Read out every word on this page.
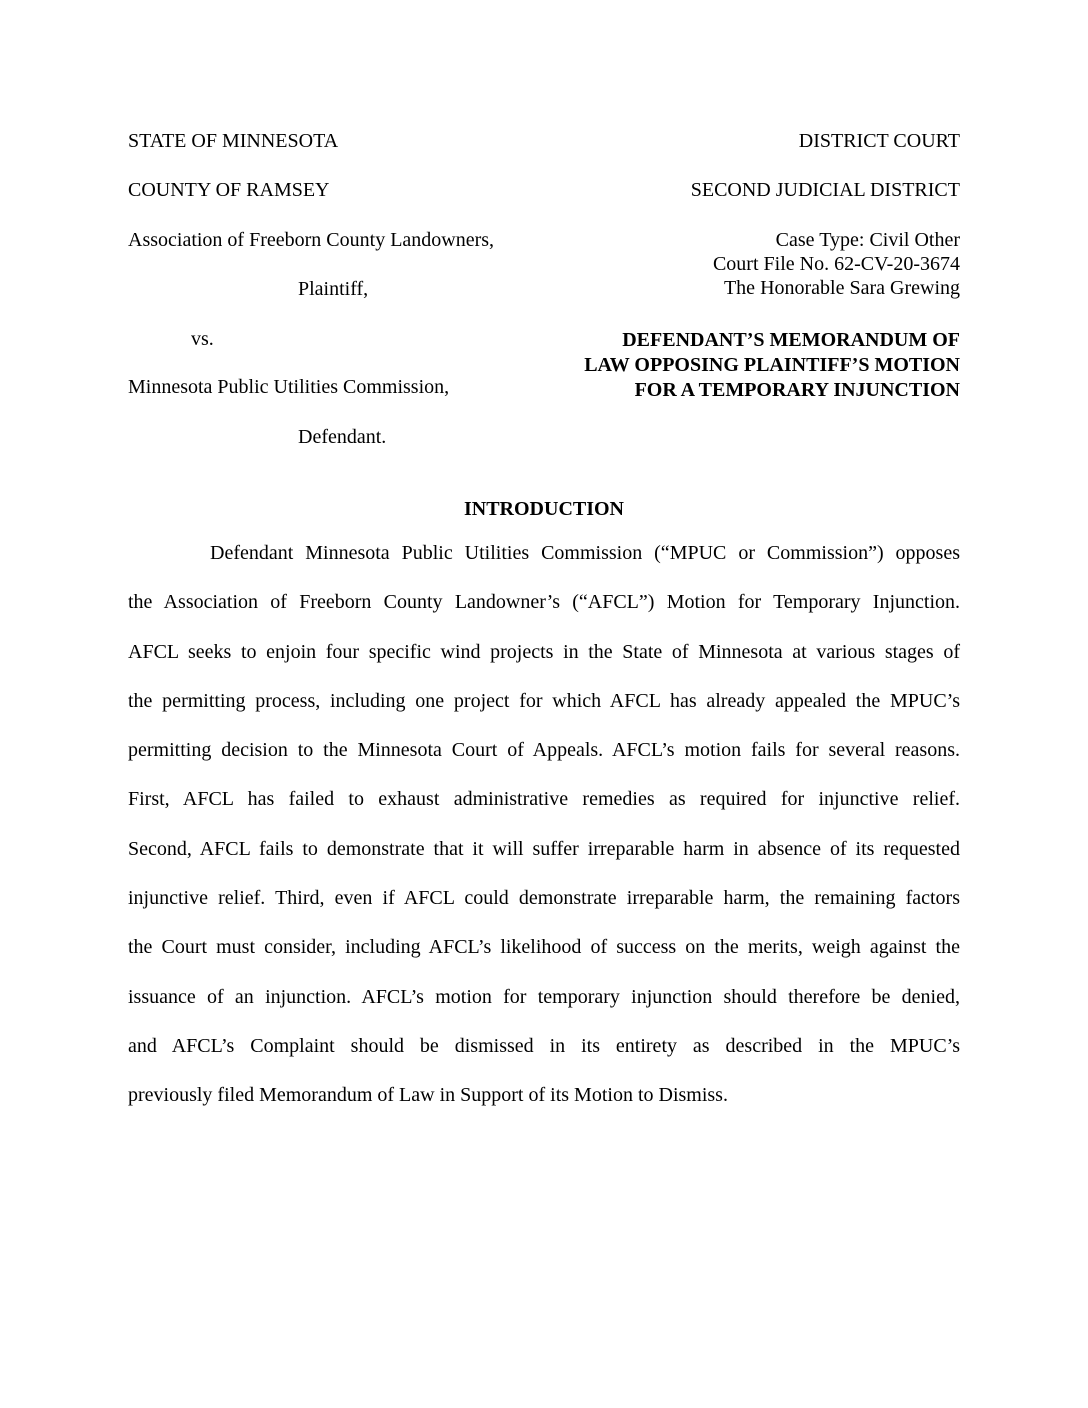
STATE OF MINNESOTA
COUNTY OF RAMSEY
Association of Freeborn County Landowners,
Plaintiff,
vs.
Minnesota Public Utilities Commission,
Defendant.
DISTRICT COURT
SECOND JUDICIAL DISTRICT
Case Type: Civil Other
Court File No. 62-CV-20-3674
The Honorable Sara Grewing
DEFENDANT’S MEMORANDUM OF
LAW OPPOSING PLAINTIFF’S MOTION
FOR A TEMPORARY INJUNCTION
INTRODUCTION
Defendant Minnesota Public Utilities Commission (“MPUC or Commission”) opposes
the Association of Freeborn County Landowner’s (“AFCL”) Motion for Temporary Injunction.
AFCL seeks to enjoin four specific wind projects in the State of Minnesota at various stages of
the permitting process, including one project for which AFCL has already appealed the MPUC’s
permitting decision to the Minnesota Court of Appeals. AFCL’s motion fails for several reasons.
First, AFCL has failed to exhaust administrative remedies as required for injunctive relief.
Second, AFCL fails to demonstrate that it will suffer irreparable harm in absence of its requested
injunctive relief. Third, even if AFCL could demonstrate irreparable harm, the remaining factors
the Court must consider, including AFCL’s likelihood of success on the merits, weigh against the
issuance of an injunction. AFCL’s motion for temporary injunction should therefore be denied,
and AFCL’s Complaint should be dismissed in its entirety as described in the MPUC’s
previously filed Memorandum of Law in Support of its Motion to Dismiss.
